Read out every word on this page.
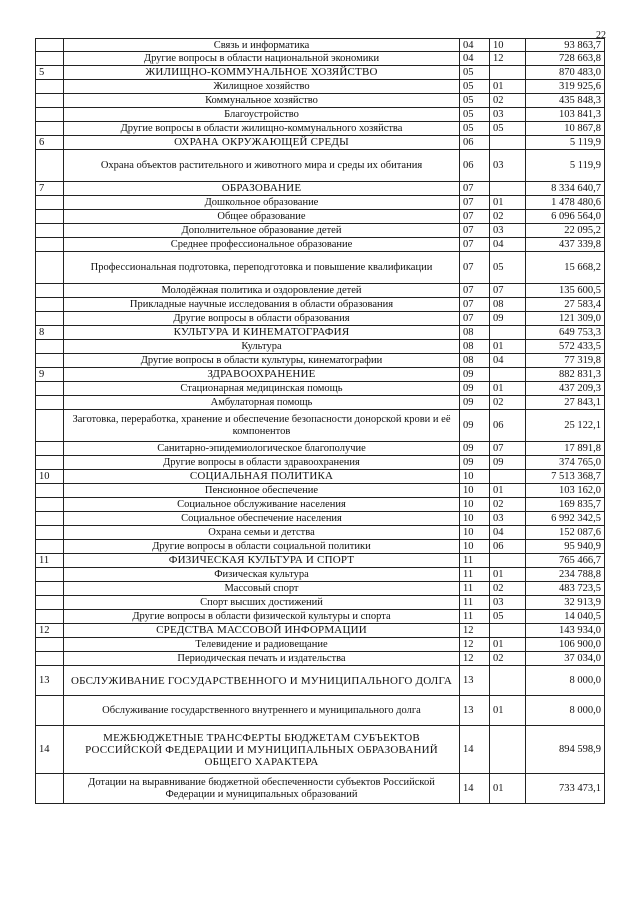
22
	Связь и информатика	04	10	93 863,7
	Другие вопросы в области национальной экономики	04	12	728 663,8
5	ЖИЛИЩНО-КОММУНАЛЬНОЕ ХОЗЯЙСТВО	05		870 483,0
	Жилищное хозяйство	05	01	319 925,6
	Коммунальное хозяйство	05	02	435 848,3
	Благоустройство	05	03	103 841,3
	Другие вопросы в области жилищно-коммунального хозяйства	05	05	10 867,8
6	ОХРАНА ОКРУЖАЮЩЕЙ СРЕДЫ	06		5 119,9
	Охрана объектов растительного и животного мира и среды их обитания	06	03	5 119,9
7	ОБРАЗОВАНИЕ	07		8 334 640,7
	Дошкольное образование	07	01	1 478 480,6
	Общее образование	07	02	6 096 564,0
	Дополнительное образование детей	07	03	22 095,2
	Среднее профессиональное образование	07	04	437 339,8
	Профессиональная подготовка, переподготовка и повышение квалификации	07	05	15 668,2
	Молодёжная политика и оздоровление детей	07	07	135 600,5
	Прикладные научные исследования в области образования	07	08	27 583,4
	Другие вопросы в области образования	07	09	121 309,0
8	КУЛЬТУРА И КИНЕМАТОГРАФИЯ	08		649 753,3
	Культура	08	01	572 433,5
	Другие вопросы в области культуры, кинематографии	08	04	77 319,8
9	ЗДРАВООХРАНЕНИЕ	09		882 831,3
	Стационарная медицинская помощь	09	01	437 209,3
	Амбулаторная помощь	09	02	27 843,1
	Заготовка, переработка, хранение и обеспечение безопасности донорской крови и её компонентов	09	06	25 122,1
	Санитарно-эпидемиологическое благополучие	09	07	17 891,8
	Другие вопросы в области здравоохранения	09	09	374 765,0
10	СОЦИАЛЬНАЯ ПОЛИТИКА	10		7 513 368,7
	Пенсионное обеспечение	10	01	103 162,0
	Социальное обслуживание населения	10	02	169 835,7
	Социальное обеспечение населения	10	03	6 992 342,5
	Охрана семьи и детства	10	04	152 087,6
	Другие вопросы в области социальной политики	10	06	95 940,9
11	ФИЗИЧЕСКАЯ КУЛЬТУРА И СПОРТ	11		765 466,7
	Физическая культура	11	01	234 788,8
	Массовый спорт	11	02	483 723,5
	Спорт высших достижений	11	03	32 913,9
	Другие вопросы в области физической культуры и спорта	11	05	14 040,5
12	СРЕДСТВА МАССОВОЙ ИНФОРМАЦИИ	12		143 934,0
	Телевидение и радиовещание	12	01	106 900,0
	Периодическая печать и издательства	12	02	37 034,0
13	ОБСЛУЖИВАНИЕ ГОСУДАРСТВЕННОГО И МУНИЦИПАЛЬНОГО ДОЛГА	13		8 000,0
	Обслуживание государственного внутреннего и муниципального долга	13	01	8 000,0
14	МЕЖБЮДЖЕТНЫЕ ТРАНСФЕРТЫ БЮДЖЕТАМ СУБЪЕКТОВ РОССИЙСКОЙ ФЕДЕРАЦИИ И МУНИЦИПАЛЬНЫХ ОБРАЗОВАНИЙ ОБЩЕГО ХАРАКТЕРА	14		894 598,9
	Дотации на выравнивание бюджетной обеспеченности субъектов Российской Федерации и муниципальных образований	14	01	733 473,1
